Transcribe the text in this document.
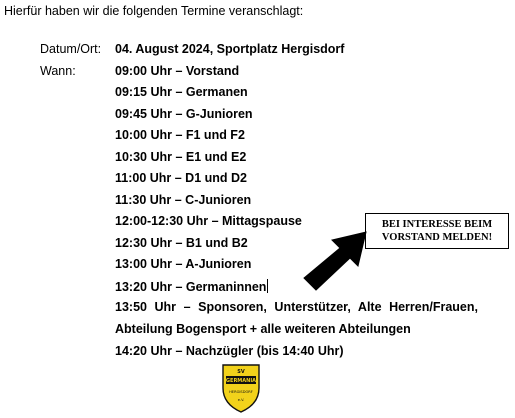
Hierfür haben wir die folgenden Termine veranschlagt:
Datum/Ort: 04. August 2024, Sportplatz Hergisdorf
Wann:	09:00 Uhr – Vorstand
09:15 Uhr – Germanen
09:45 Uhr – G-Junioren
10:00 Uhr – F1 und F2
10:30 Uhr – E1 und E2
11:00 Uhr – D1 und D2
11:30 Uhr – C-Junioren
12:00-12:30 Uhr – Mittagspause
12:30 Uhr – B1 und B2
13:00 Uhr – A-Junioren
13:20 Uhr – Germaninnen
13:50 Uhr – Sponsoren, Unterstützer, Alte Herren/Frauen,
Abteilung Bogensport + alle weiteren Abteilungen
14:20 Uhr – Nachzügler (bis 14:40 Uhr)
BEI INTERESSE BEIM
VORSTAND MELDEN!
SV
GERMANIA
HERGISDORF
e.V.
